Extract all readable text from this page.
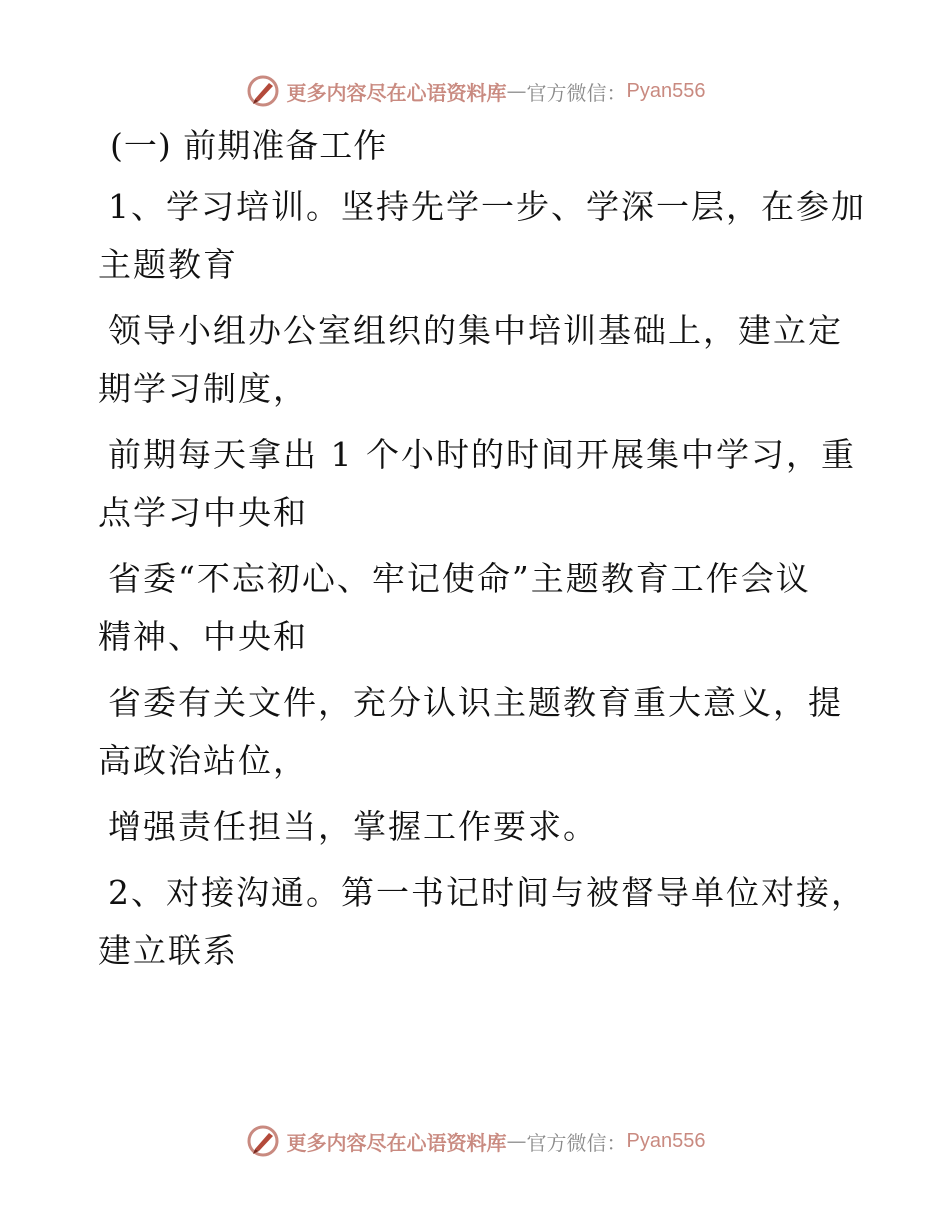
更多内容尽在心语资料库 — 官方微信： Pyan556
(一) 前期准备工作

1、学习培训。坚持先学一步、学深一层，在参加
主题教育

领导小组办公室组织的集中培训基础上，建立定
期学习制度，

前期每天拿出 1 个小时的时间开展集中学习，重
点学习中央和

省委“不忘初心、牢记使命”主题教育工作会议
精神、中央和

省委有关文件，充分认识主题教育重大意义，提
高政治站位，

增强责任担当，掌握工作要求。

2、对接沟通。第一书记时间与被督导单位对接，
建立联系

更多内容尽在心语资料库 — 官方微信： Pyan556
